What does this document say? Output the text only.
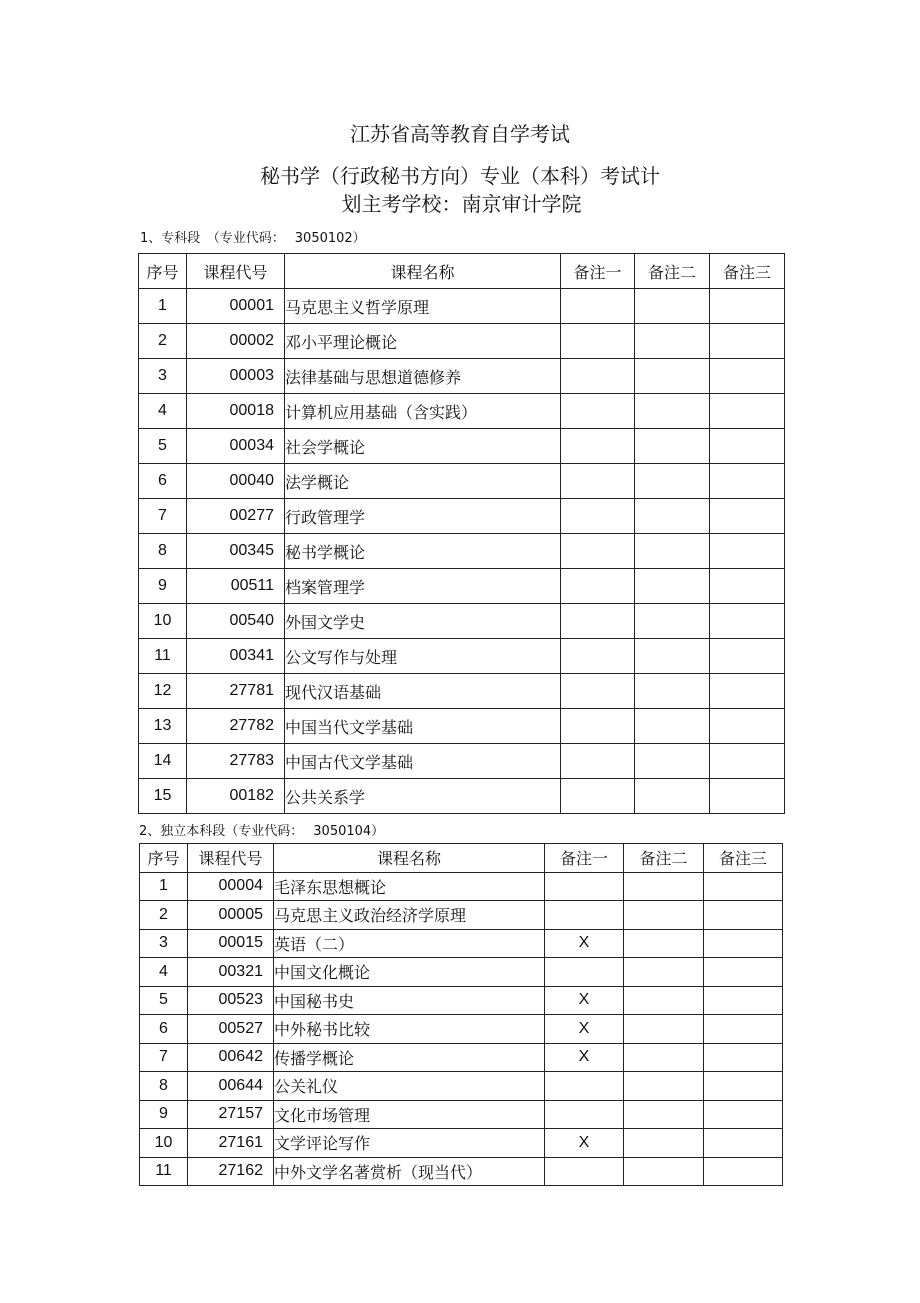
江苏省高等教育自学考试
秘书学（行政秘书方向）专业（本科）考试计
划主考学校：南京审计学院
1、专科段　（专业代码： 3050102）
序号	课程代号	课程名称	备注一	备注二	备注三
1	00001	马克思主义哲学原理			
2	00002	邓小平理论概论			
3	00003	法律基础与思想道德修养			
4	00018	计算机应用基础（含实践）			
5	00034	社会学概论			
6	00040	法学概论			
7	00277	行政管理学			
8	00345	秘书学概论			
9	00511	档案管理学			
10	00540	外国文学史			
11	00341	公文写作与处理			
12	27781	现代汉语基础			
13	27782	中国当代文学基础			
14	27783	中国古代文学基础			
15	00182	公共关系学			
2、独立本科段（专业代码： 3050104）
序号	课程代号	课程名称	备注一	备注二	备注三
1	00004	毛泽东思想概论			
2	00005	马克思主义政治经济学原理			
3	00015	英语（二）	X		
4	00321	中国文化概论			
5	00523	中国秘书史	X		
6	00527	中外秘书比较	X		
7	00642	传播学概论	X		
8	00644	公关礼仪			
9	27157	文化市场管理			
10	27161	文学评论写作	X		
11	27162	中外文学名著赏析（现当代）			
